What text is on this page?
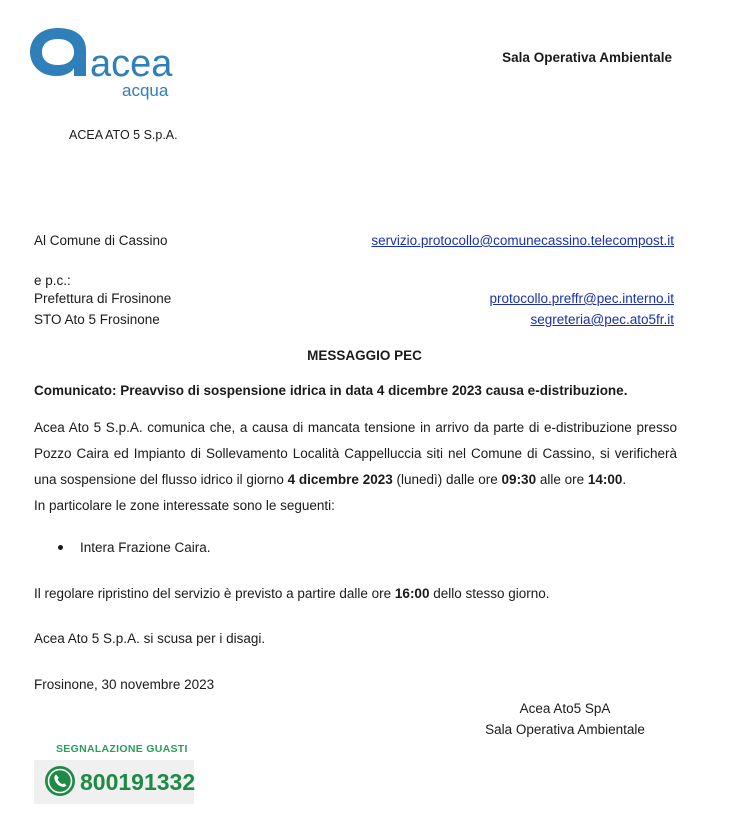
acea
acqua
Sala Operativa Ambientale
ACEA ATO 5 S.p.A.
Al Comune di Cassino	servizio.protocollo@comunecassino.telecompost.it
e p.c.:
Prefettura di Frosinone	protocollo.preffr@pec.interno.it
STO Ato 5 Frosinone	segreteria@pec.ato5fr.it
MESSAGGIO PEC
Comunicato: Preavviso di sospensione idrica in data 4 dicembre 2023 causa e-distribuzione.
Acea Ato 5 S.p.A. comunica che, a causa di mancata tensione in arrivo da parte di e-distribuzione presso Pozzo Caira ed Impianto di Sollevamento Località Cappelluccia siti nel Comune di Cassino, si verificherà una sospensione del flusso idrico il giorno 4 dicembre 2023 (lunedì) dalle ore 09:30 alle ore 14:00.
In particolare le zone interessate sono le seguenti:
Intera Frazione Caira.
Il regolare ripristino del servizio è previsto a partire dalle ore 16:00 dello stesso giorno.
Acea Ato 5 S.p.A. si scusa per i disagi.
Frosinone, 30 novembre 2023
Acea Ato5 SpA
Sala Operativa Ambientale
SEGNALAZIONE GUASTI
800191332
